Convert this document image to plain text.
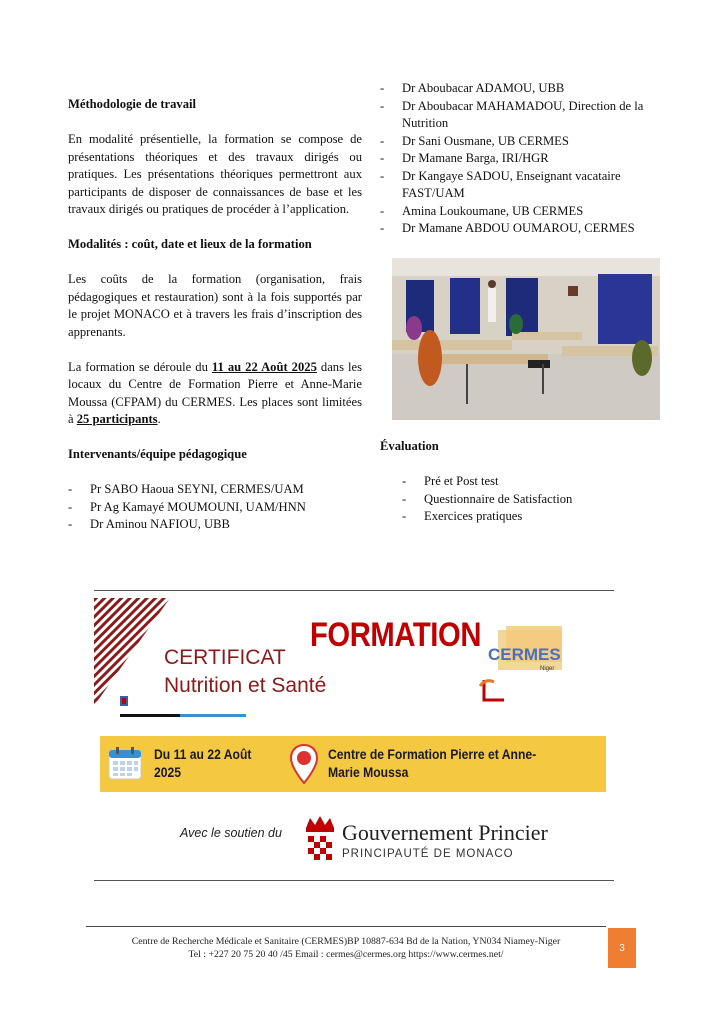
Méthodologie de travail

En modalité présentielle, la formation se compose de présentations théoriques et des travaux dirigés ou pratiques. Les présentations théoriques permettront aux participants de disposer de connaissances de base et les travaux dirigés ou pratiques de procéder à l’application.

Modalités : coût, date et lieux de la formation

Les coûts de la formation (organisation, frais pédagogiques et restauration) sont à la fois supportés par le projet MONACO et à travers les frais d’inscription des apprenants.

La formation se déroule du 11 au 22 Août 2025 dans les locaux du Centre de Formation Pierre et Anne-Marie Moussa (CFPAM) du CERMES. Les places sont limitées à 25 participants.

Intervenants/équipe pédagogique

- Pr SABO Haoua SEYNI, CERMES/UAM
- Pr Ag Kamayé MOUMOUNI, UAM/HNN
- Dr Aminou NAFIOU, UBB
- Dr Aboubacar ADAMOU, UBB
- Dr Aboubacar MAHAMADOU, Direction de la Nutrition
- Dr Sani Ousmane, UB CERMES
- Dr Mamane Barga, IRI/HGR
- Dr Kangaye SADOU, Enseignant vacataire FAST/UAM
- Amina Loukoumane, UB CERMES
- Dr Mamane ABDOU OUMAROU, CERMES

Évaluation

- Pré et Post test
- Questionnaire de Satisfaction
- Exercices pratiques
FORMATION
CERTIFICAT
Nutrition et Santé
CERMES
Niger
Du 11 au 22 Août
2025
Centre de Formation Pierre et Anne-
Marie Moussa
Avec le soutien du	Gouvernement Princier
PRINCIPAUTÉ DE MONACO
Centre de Recherche Médicale et Sanitaire (CERMES)BP 10887-634 Bd de la Nation, YN034 Niamey-Niger
Tel : +227 20 75 20 40 /45 Email : cermes@cermes.org https://www.cermes.net/
3
